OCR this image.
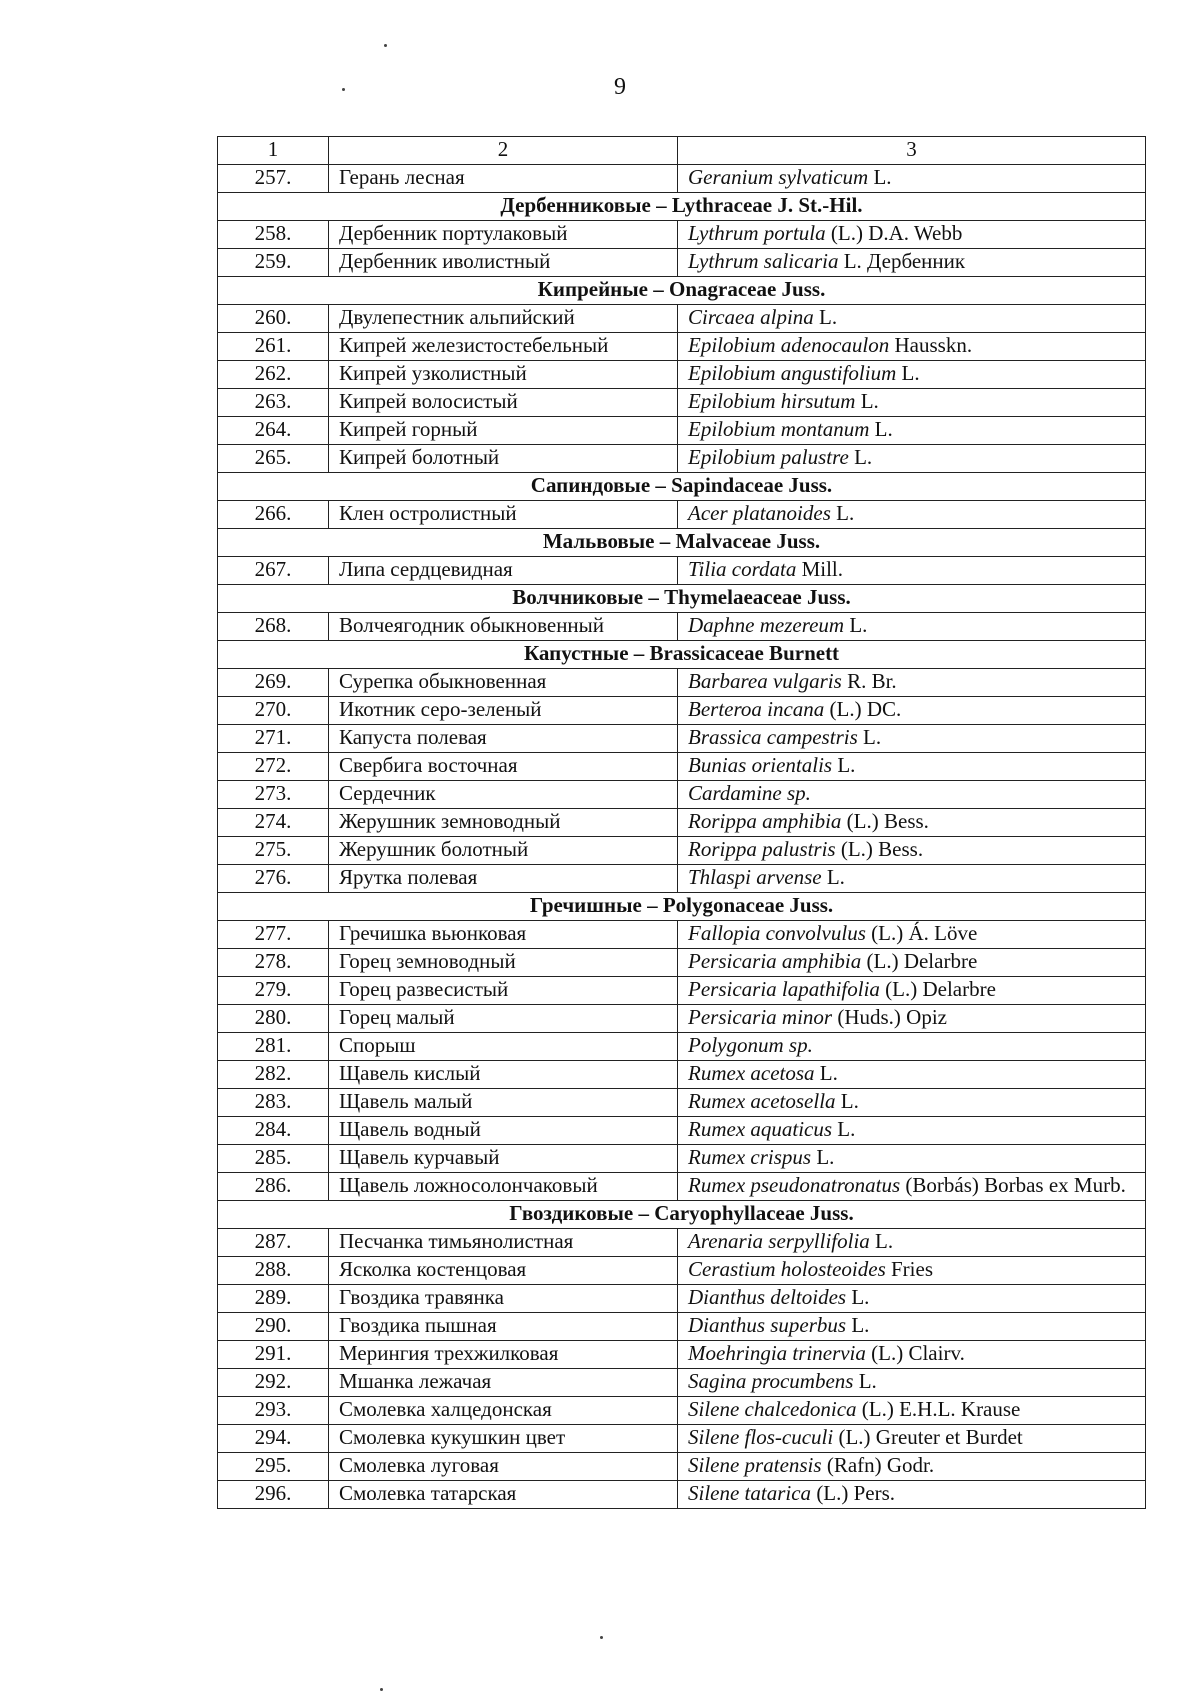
9
1	2	3
257.	Герань лесная	Geranium sylvaticum L.
Дербенниковые – Lythraceae J. St.-Hil.		
258.	Дербенник портулаковый	Lythrum portula (L.) D.A. Webb
259.	Дербенник иволистный	Lythrum salicaria L. Дербенник
Кипрейные – Onagraceae Juss.		
260.	Двулепестник альпийский	Circaea alpina L.
261.	Кипрей железистостебельный	Epilobium adenocaulon Hausskn.
262.	Кипрей узколистный	Epilobium angustifolium L.
263.	Кипрей волосистый	Epilobium hirsutum L.
264.	Кипрей горный	Epilobium montanum L.
265.	Кипрей болотный	Epilobium palustre L.
Сапиндовые – Sapindaceae Juss.		
266.	Клен остролистный	Acer platanoides L.
Мальвовые – Malvaceae Juss.		
267.	Липа сердцевидная	Tilia cordata Mill.
Волчниковые – Thymelaeaceae Juss.		
268.	Волчеягодник обыкновенный	Daphne mezereum L.
Капустные – Brassicaceae Burnett		
269.	Сурепка обыкновенная	Barbarea vulgaris R. Br.
270.	Икотник серо-зеленый	Berteroa incana (L.) DC.
271.	Капуста полевая	Brassica campestris L.
272.	Свербига восточная	Bunias orientalis L.
273.	Сердечник	Cardamine sp.
274.	Жерушник земноводный	Rorippa amphibia (L.) Bess.
275.	Жерушник болотный	Rorippa palustris (L.) Bess.
276.	Ярутка полевая	Thlaspi arvense L.
Гречишные – Polygonaceae Juss.		
277.	Гречишка вьюнковая	Fallopia convolvulus (L.) Á. Löve
278.	Горец земноводный	Persicaria amphibia (L.) Delarbre
279.	Горец развесистый	Persicaria lapathifolia (L.) Delarbre
280.	Горец малый	Persicaria minor (Huds.) Opiz
281.	Спорыш	Polygonum sp.
282.	Щавель кислый	Rumex acetosa L.
283.	Щавель малый	Rumex acetosella L.
284.	Щавель водный	Rumex aquaticus L.
285.	Щавель курчавый	Rumex crispus L.
286.	Щавель ложносолончаковый	Rumex pseudonatronatus (Borbás) Borbas ex Murb.
Гвоздиковые – Caryophyllaceae Juss.		
287.	Песчанка тимьянолистная	Arenaria serpyllifolia L.
288.	Ясколка костенцовая	Cerastium holosteoides Fries
289.	Гвоздика травянка	Dianthus deltoides L.
290.	Гвоздика пышная	Dianthus superbus L.
291.	Мерингия трехжилковая	Moehringia trinervia (L.) Clairv.
292.	Мшанка лежачая	Sagina procumbens L.
293.	Смолевка халцедонская	Silene chalcedonica (L.) E.H.L. Krause
294.	Смолевка кукушкин цвет	Silene flos-cuculi (L.) Greuter et Burdet
295.	Смолевка луговая	Silene pratensis (Rafn) Godr.
296.	Смолевка татарская	Silene tatarica (L.) Pers.
